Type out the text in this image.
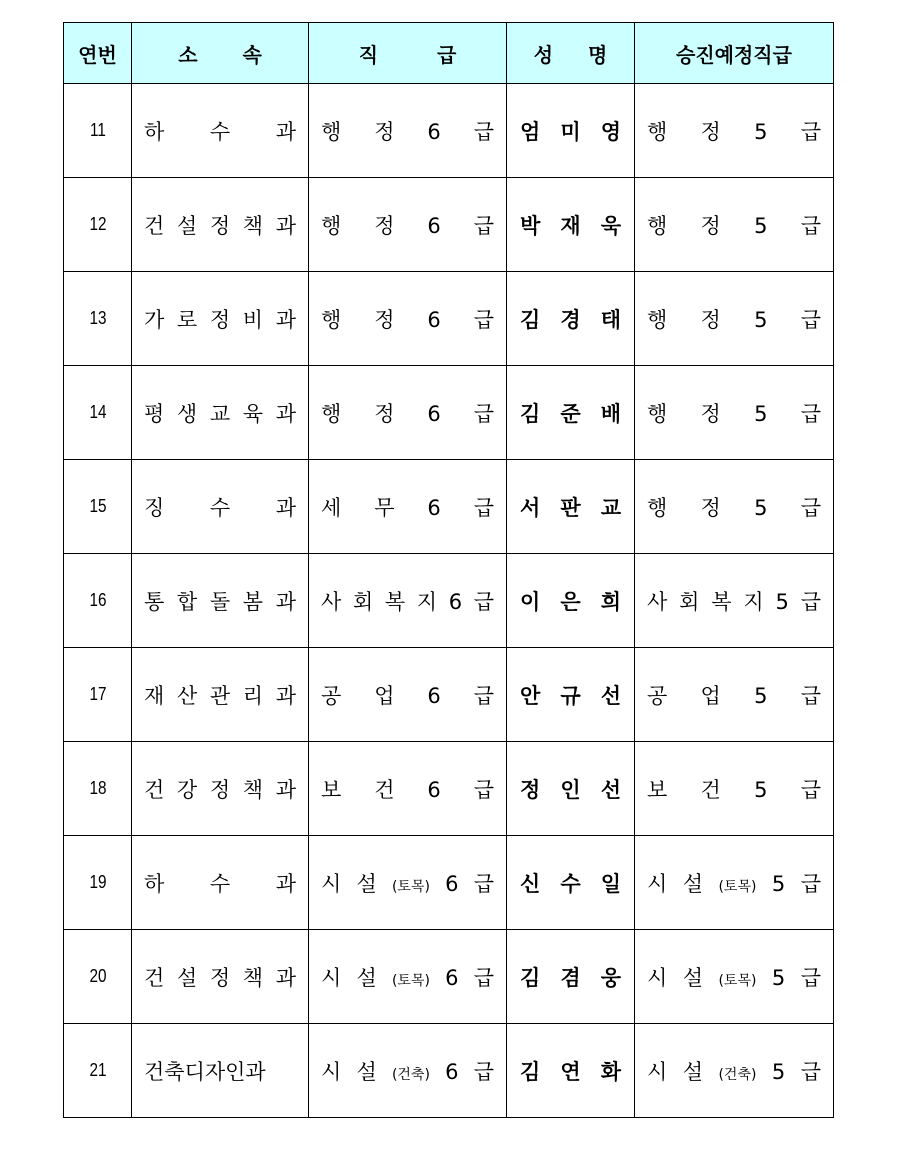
연번	소 속	직 급	성 명	승진예정직급
11	하 수 과	행 정 6 급	엄 미 영	행 정 5 급
12	건 설 정 책 과	행 정 6 급	박 재 욱	행 정 5 급
13	가 로 정 비 과	행 정 6 급	김 경 태	행 정 5 급
14	평 생 교 육 과	행 정 6 급	김 준 배	행 정 5 급
15	징 수 과	세 무 6 급	서 판 교	행 정 5 급
16	통 합 돌 봄 과	사 회 복 지 6 급	이 은 희	사 회 복 지 5 급
17	재 산 관 리 과	공 업 6 급	안 규 선	공 업 5 급
18	건 강 정 책 과	보 건 6 급	정 인 선	보 건 5 급
19	하 수 과	시 설 (토목) 6 급	신 수 일	시 설 (토목) 5 급
20	건 설 정 책 과	시 설 (토목) 6 급	김 겸 웅	시 설 (토목) 5 급
21	건축디자인과	시 설 (건축) 6 급	김 연 화	시 설 (건축) 5 급
